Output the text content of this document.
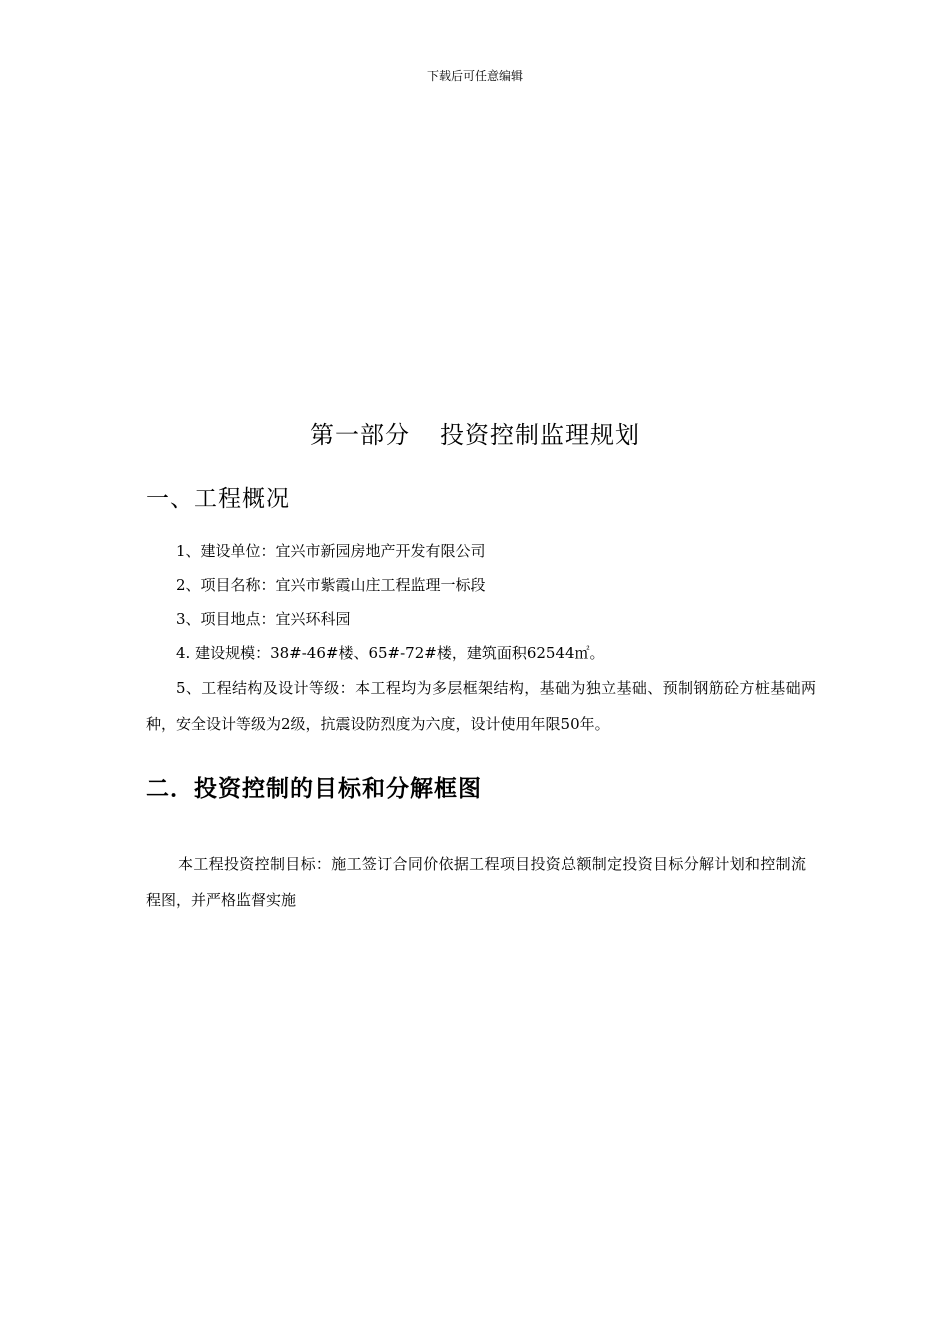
下载后可任意编辑
第一部分 投资控制监理规划
一、工程概况
1、建设单位：宜兴市新园房地产开发有限公司
2、项目名称：宜兴市紫霞山庄工程监理一标段
3、项目地点：宜兴环科园
4. 建设规模：38#-46#楼、65#-72#楼，建筑面积62544㎡。
5、工程结构及设计等级：本工程均为多层框架结构，基础为独立基础、预制钢筋砼方桩基础两种，安全设计等级为2级，抗震设防烈度为六度，设计使用年限50年。
二．投资控制的目标和分解框图

本工程投资控制目标：施工签订合同价依据工程项目投资总额制定投资目标分解计划和控制流程图，并严格监督实施
